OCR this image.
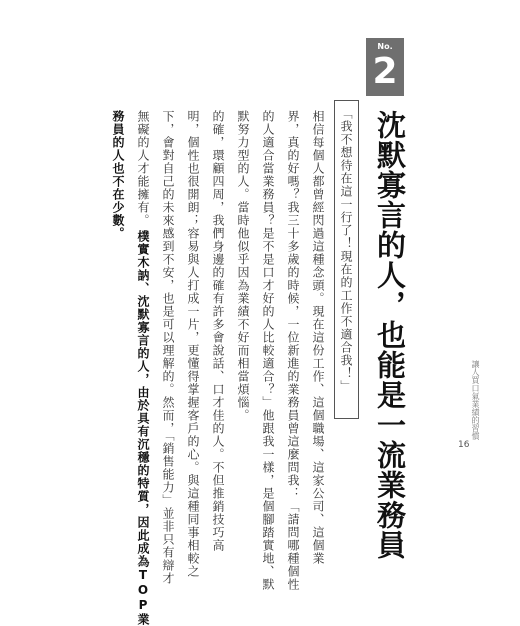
No.
2
沈默寡言的人，也能是一流業務員
「我不想待在這一行了！現在的工作不適合我！」
相信每個人都曾經閃過這種念頭。現在這份工作、這個職場、這家公司、這個業
界，真的好嗎？我三十多歲的時候，一位新進的業務員曾這麼問我：「請問哪種個性
的人適合當業務員？是不是口才好的人比較適合？」他跟我一樣，是個腳踏實地、默
默努力型的人。當時他似乎因為業績不好而相當煩惱。
的確，環顧四周，我們身邊的確有許多會說話、口才佳的人。不但推銷技巧高
明，個性也很開朗；容易與人打成一片，更懂得掌握客戶的心。與這種同事相較之
下，會對自己的未來感到不安，也是可以理解的。然而，「銷售能力」並非只有辯才
無礙的人才能擁有。
樸實木訥、沈默寡言的人，由於具有沉穩的特質，因此成為TOP業
務員的人也不在少數。
讓人買口氣業績的習慣
16
